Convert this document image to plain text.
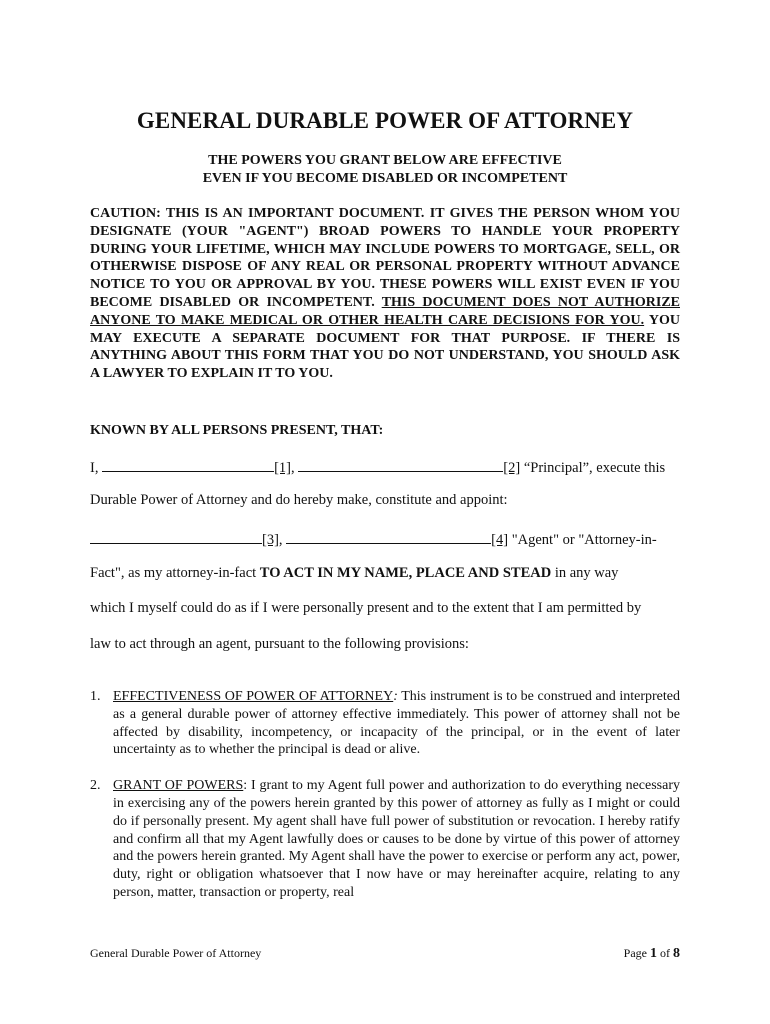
GENERAL DURABLE POWER OF ATTORNEY
THE POWERS YOU GRANT BELOW ARE EFFECTIVE
EVEN IF YOU BECOME DISABLED OR INCOMPETENT
CAUTION: THIS IS AN IMPORTANT DOCUMENT. IT GIVES THE PERSON WHOM YOU DESIGNATE (YOUR "AGENT") BROAD POWERS TO HANDLE YOUR PROPERTY DURING YOUR LIFETIME, WHICH MAY INCLUDE POWERS TO MORTGAGE, SELL, OR OTHERWISE DISPOSE OF ANY REAL OR PERSONAL PROPERTY WITHOUT ADVANCE NOTICE TO YOU OR APPROVAL BY YOU. THESE POWERS WILL EXIST EVEN IF YOU BECOME DISABLED OR INCOMPETENT. THIS DOCUMENT DOES NOT AUTHORIZE ANYONE TO MAKE MEDICAL OR OTHER HEALTH CARE DECISIONS FOR YOU. YOU MAY EXECUTE A SEPARATE DOCUMENT FOR THAT PURPOSE. IF THERE IS ANYTHING ABOUT THIS FORM THAT YOU DO NOT UNDERSTAND, YOU SHOULD ASK A LAWYER TO EXPLAIN IT TO YOU.
KNOWN BY ALL PERSONS PRESENT, THAT:
I,	[1],	[2] “Principal”, execute this
Durable Power of Attorney and do hereby make, constitute and appoint:
[3],	[4] "Agent" or "Attorney-in-
Fact", as my attorney-in-fact TO ACT IN MY NAME, PLACE AND STEAD in any way
which I myself could do as if I were personally present and to the extent that I am permitted by
law to act through an agent, pursuant to the following provisions:
1. EFFECTIVENESS OF POWER OF ATTORNEY: This instrument is to be construed and interpreted as a general durable power of attorney effective immediately. This power of attorney shall not be affected by disability, incompetency, or incapacity of the principal, or in the event of later uncertainty as to whether the principal is dead or alive.
2. GRANT OF POWERS: I grant to my Agent full power and authorization to do everything necessary in exercising any of the powers herein granted by this power of attorney as fully as I might or could do if personally present. My agent shall have full power of substitution or revocation. I hereby ratify and confirm all that my Agent lawfully does or causes to be done by virtue of this power of attorney and the powers herein granted. My Agent shall have the power to exercise or perform any act, power, duty, right or obligation whatsoever that I now have or may hereinafter acquire, relating to any person, matter, transaction or property, real
General Durable Power of Attorney	Page 1 of 8
